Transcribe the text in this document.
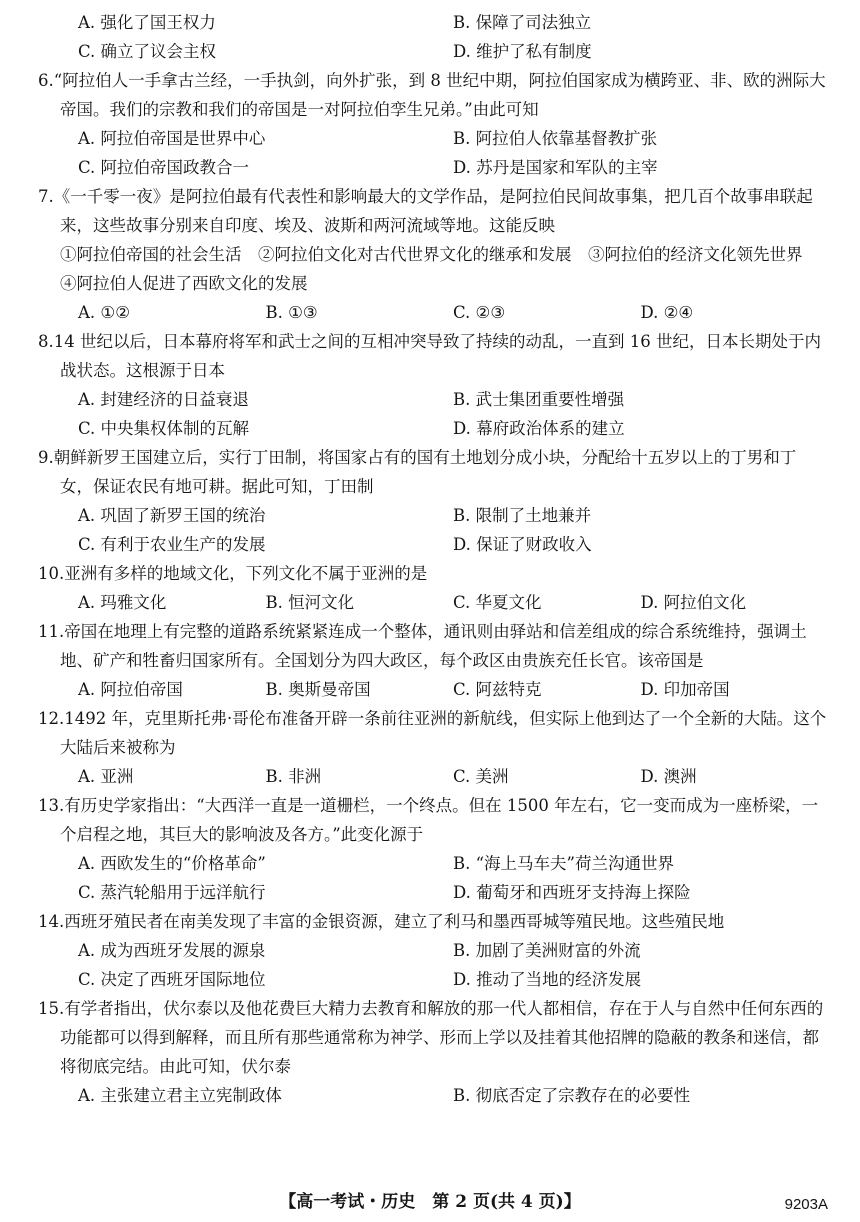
A. 强化了国王权力	B. 保障了司法独立
C. 确立了议会主权	D. 维护了私有制度
6.“阿拉伯人一手拿古兰经，一手执剑，向外扩张，到 8 世纪中期，阿拉伯国家成为横跨亚、非、欧的洲际大帝国。我们的宗教和我们的帝国是一对阿拉伯孪生兄弟。”由此可知
A. 阿拉伯帝国是世界中心	B. 阿拉伯人依靠基督教扩张
C. 阿拉伯帝国政教合一	D. 苏丹是国家和军队的主宰
7.《一千零一夜》是阿拉伯最有代表性和影响最大的文学作品，是阿拉伯民间故事集，把几百个故事串联起来，这些故事分别来自印度、埃及、波斯和两河流域等地。这能反映
①阿拉伯帝国的社会生活　②阿拉伯文化对古代世界文化的继承和发展　③阿拉伯的经济文化领先世界　④阿拉伯人促进了西欧文化的发展
A. ①②	B. ①③	C. ②③	D. ②④
8.14 世纪以后，日本幕府将军和武士之间的互相冲突导致了持续的动乱，一直到 16 世纪，日本长期处于内战状态。这根源于日本
A. 封建经济的日益衰退	B. 武士集团重要性增强
C. 中央集权体制的瓦解	D. 幕府政治体系的建立
9.朝鲜新罗王国建立后，实行丁田制，将国家占有的国有土地划分成小块，分配给十五岁以上的丁男和丁女，保证农民有地可耕。据此可知，丁田制
A. 巩固了新罗王国的统治	B. 限制了土地兼并
C. 有利于农业生产的发展	D. 保证了财政收入
10.亚洲有多样的地域文化，下列文化不属于亚洲的是
A. 玛雅文化	B. 恒河文化	C. 华夏文化	D. 阿拉伯文化
11.帝国在地理上有完整的道路系统紧紧连成一个整体，通讯则由驿站和信差组成的综合系统维持，强调土地、矿产和牲畜归国家所有。全国划分为四大政区，每个政区由贵族充任长官。该帝国是
A. 阿拉伯帝国	B. 奥斯曼帝国	C. 阿兹特克	D. 印加帝国
12.1492 年，克里斯托弗·哥伦布准备开辟一条前往亚洲的新航线，但实际上他到达了一个全新的大陆。这个大陆后来被称为
A. 亚洲	B. 非洲	C. 美洲	D. 澳洲
13.有历史学家指出：“大西洋一直是一道栅栏，一个终点。但在 1500 年左右，它一变而成为一座桥梁，一个启程之地，其巨大的影响波及各方。”此变化源于
A. 西欧发生的“价格革命”	B. “海上马车夫”荷兰沟通世界
C. 蒸汽轮船用于远洋航行	D. 葡萄牙和西班牙支持海上探险
14.西班牙殖民者在南美发现了丰富的金银资源，建立了利马和墨西哥城等殖民地。这些殖民地
A. 成为西班牙发展的源泉	B. 加剧了美洲财富的外流
C. 决定了西班牙国际地位	D. 推动了当地的经济发展
15.有学者指出，伏尔泰以及他花费巨大精力去教育和解放的那一代人都相信，存在于人与自然中任何东西的功能都可以得到解释，而且所有那些通常称为神学、形而上学以及挂着其他招牌的隐蔽的教条和迷信，都将彻底完结。由此可知，伏尔泰
A. 主张建立君主立宪制政体	B. 彻底否定了宗教存在的必要性
【高一考试・历史　第 2 页(共 4 页)】	9203A
